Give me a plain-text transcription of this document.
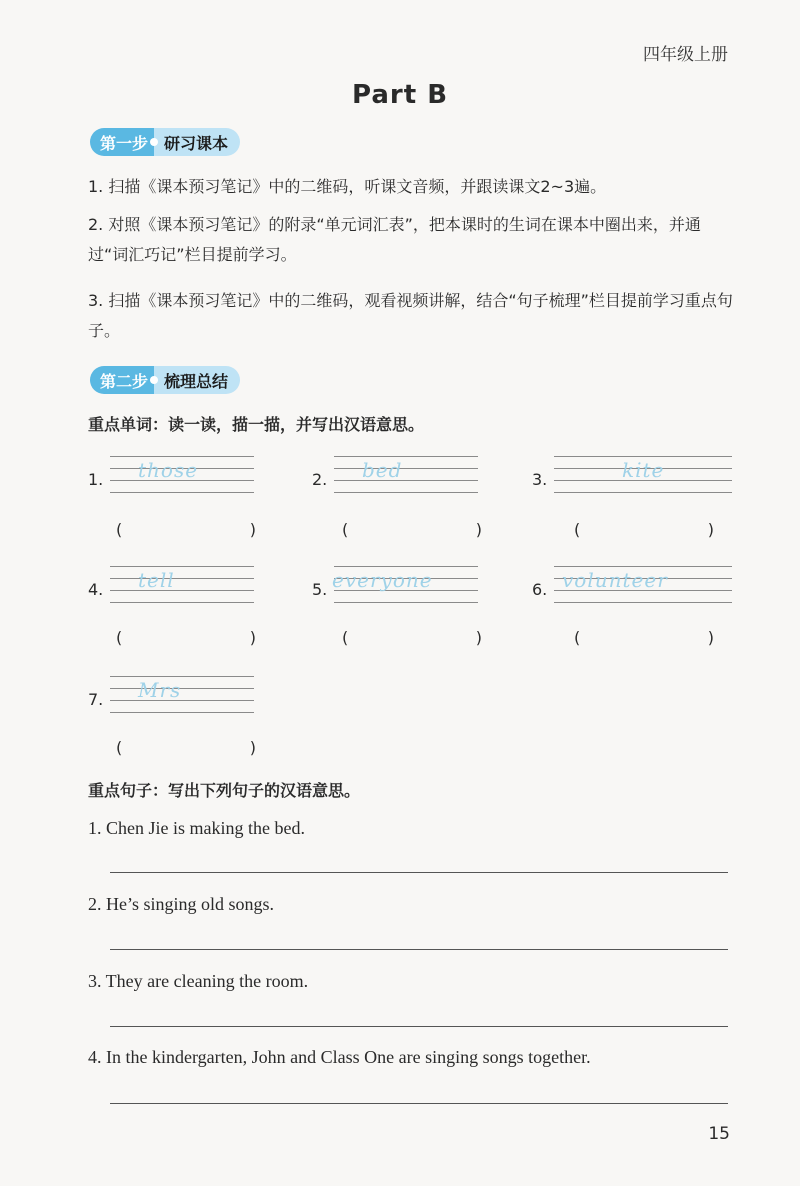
四年级上册
Part B
第一步	研习课本
1. 扫描《课本预习笔记》中的二维码，听课文音频，并跟读课文2~3遍。
2. 对照《课本预习笔记》的附录“单元词汇表”，把本课时的生词在课本中圈出来，并通过“词汇巧记”栏目提前学习。
3. 扫描《课本预习笔记》中的二维码，观看视频讲解，结合“句子梳理”栏目提前学习重点句子。
第二步	梳理总结
重点单词：读一读，描一描，并写出汉语意思。
1. those	2. bed	3.	kite
(	)	(	)	(	)
4. tell	5. everyone	6. volunteer
(	)	(	)	(	)
7. Mrs
(	)
重点句子：写出下列句子的汉语意思。
1. Chen Jie is making the bed.
2. He’s singing old songs.
3. They are cleaning the room.
4. In the kindergarten, John and Class One are singing songs together.
15
